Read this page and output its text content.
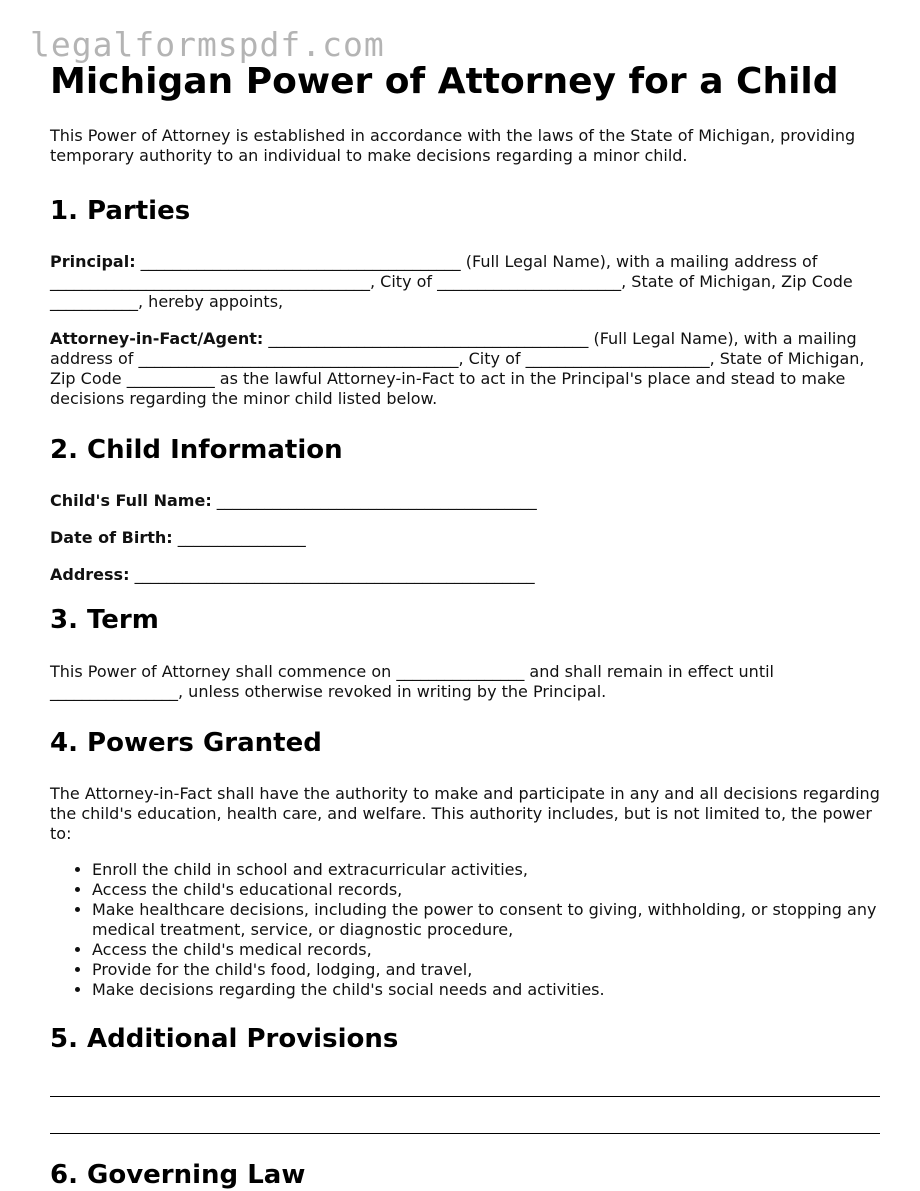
legalformspdf.com
Michigan Power of Attorney for a Child

This Power of Attorney is established in accordance with the laws of the State of Michigan, providing temporary authority to an individual to make decisions regarding a minor child.

1. Parties

Principal: ________________________________________ (Full Legal Name), with a mailing address of ________________________________________, City of _______________________, State of Michigan, Zip Code ___________, hereby appoints,

Attorney-in-Fact/Agent: ________________________________________ (Full Legal Name), with a mailing address of ________________________________________, City of _______________________, State of Michigan, Zip Code ___________ as the lawful Attorney-in-Fact to act in the Principal's place and stead to make decisions regarding the minor child listed below.

2. Child Information

Child's Full Name: ________________________________________

Date of Birth: ________________

Address: __________________________________________________

3. Term

This Power of Attorney shall commence on ________________ and shall remain in effect until ________________, unless otherwise revoked in writing by the Principal.

4. Powers Granted

The Attorney-in-Fact shall have the authority to make and participate in any and all decisions regarding the child's education, health care, and welfare. This authority includes, but is not limited to, the power to:

• Enroll the child in school and extracurricular activities,
• Access the child's educational records,
• Make healthcare decisions, including the power to consent to giving, withholding, or stopping any medical treatment, service, or diagnostic procedure,
• Access the child's medical records,
• Provide for the child's food, lodging, and travel,
• Make decisions regarding the child's social needs and activities.
5. Additional Provisions
6. Governing Law
